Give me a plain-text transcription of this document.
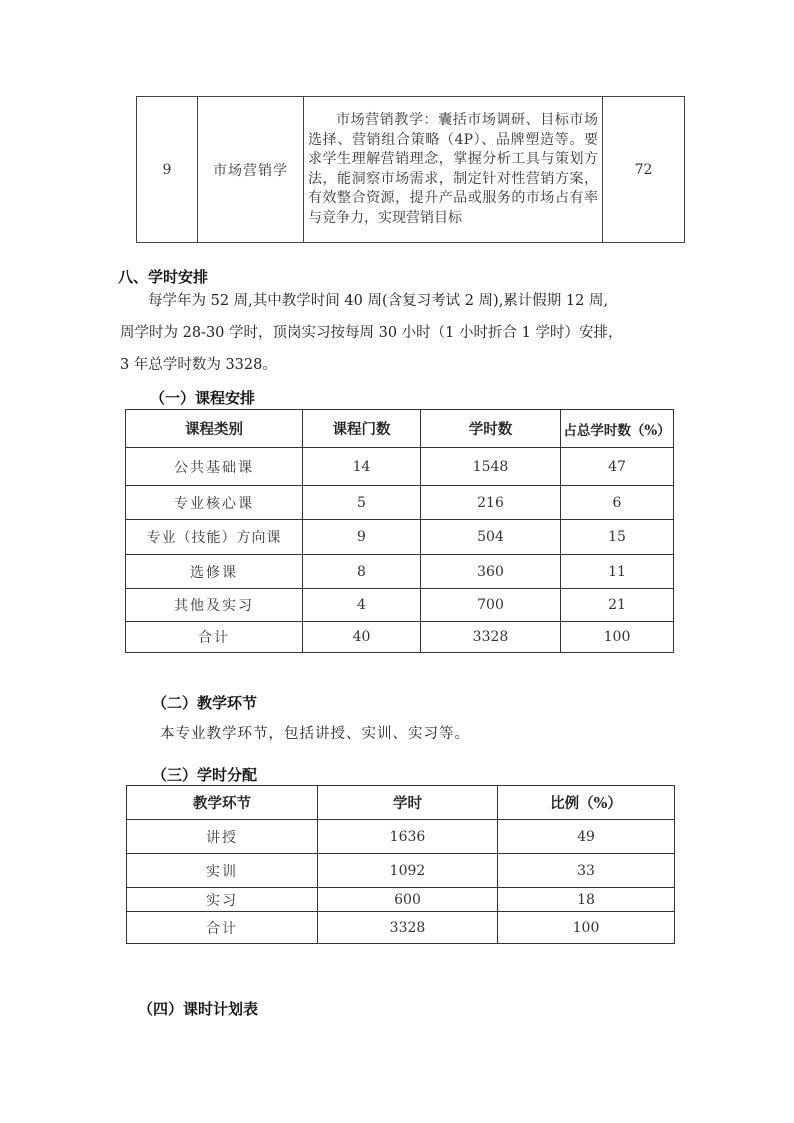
9	市场营销学	市场营销教学：囊括市场调研、目标市场选择、营销组合策略（4P）、品牌塑造等。要求学生理解营销理念，掌握分析工具与策划方法，能洞察市场需求，制定针对性营销方案，有效整合资源，提升产品或服务的市场占有率与竞争力，实现营销目标	72
八、学时安排
每学年为 52 周,其中教学时间 40 周(含复习考试 2 周),累计假期 12 周,
周学时为 28-30 学时，顶岗实习按每周 30 小时（1 小时折合 1 学时）安排，
3 年总学时数为 3328。
（一）课程安排
课程类别	课程门数	学时数	占总学时数（%）
公共基础课	14	1548	47
专业核心课	5	216	6
专业（技能）方向课	9	504	15
选修课	8	360	11
其他及实习	4	700	21
合计	40	3328	100
（二）教学环节
本专业教学环节，包括讲授、实训、实习等。
（三）学时分配
教学环节	学时	比例（%）
讲授	1636	49
实训	1092	33
实习	600	18
合计	3328	100
（四）课时计划表
